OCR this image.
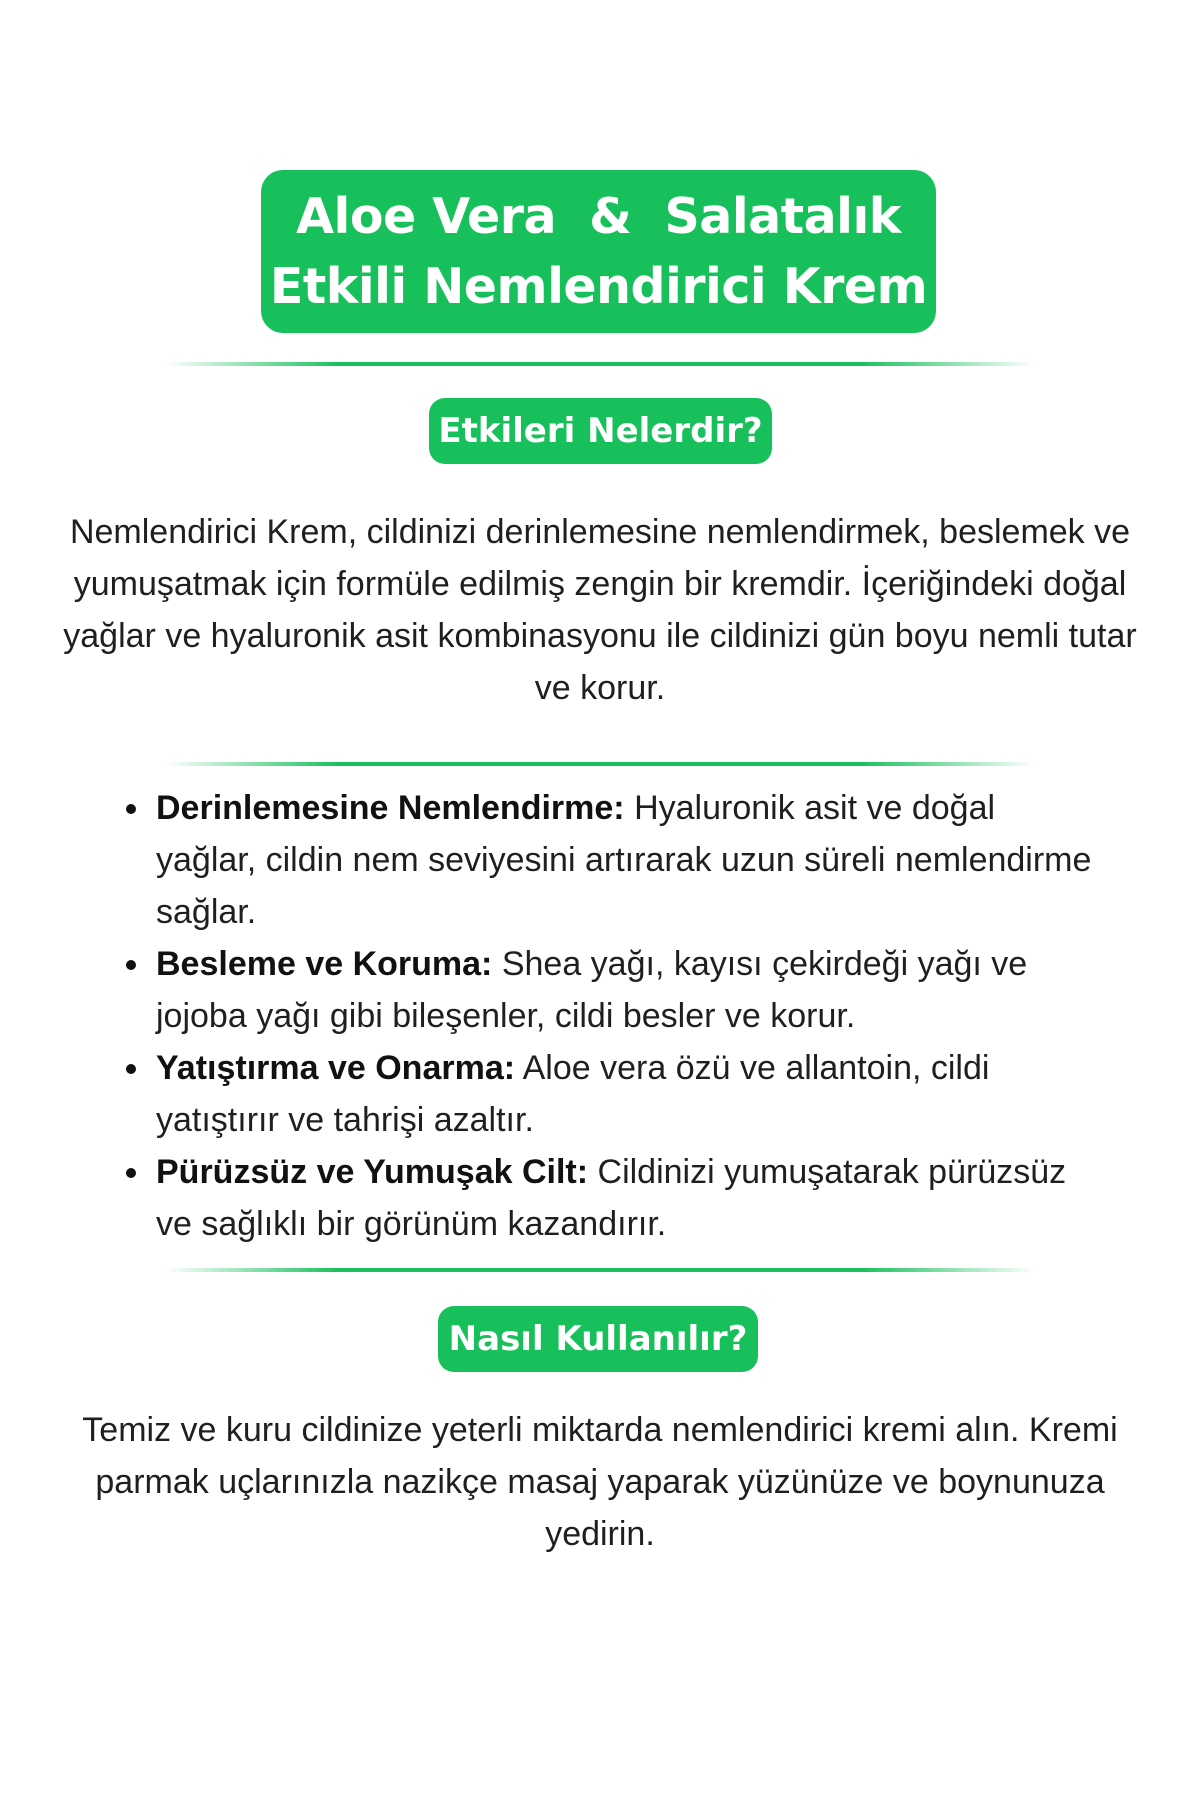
Aloe Vera  &  Salatalık
Etkili Nemlendirici Krem
Etkileri Nelerdir?
Nemlendirici Krem, cildinizi derinlemesine nemlendirmek, beslemek ve yumuşatmak için formüle edilmiş zengin bir kremdir. İçeriğindeki doğal yağlar ve hyaluronik asit kombinasyonu ile cildinizi gün boyu nemli tutar ve korur.
Derinlemesine Nemlendirme: Hyaluronik asit ve doğal yağlar, cildin nem seviyesini artırarak uzun süreli nemlendirme sağlar.
Besleme ve Koruma: Shea yağı, kayısı çekirdeği yağı ve jojoba yağı gibi bileşenler, cildi besler ve korur.
Yatıştırma ve Onarma: Aloe vera özü ve allantoin, cildi yatıştırır ve tahrişi azaltır.
Pürüzsüz ve Yumuşak Cilt: Cildinizi yumuşatarak pürüzsüz ve sağlıklı bir görünüm kazandırır.
Nasıl Kullanılır?
Temiz ve kuru cildinize yeterli miktarda nemlendirici kremi alın. Kremi parmak uçlarınızla nazikçe masaj yaparak yüzünüze ve boynunuza yedirin.
